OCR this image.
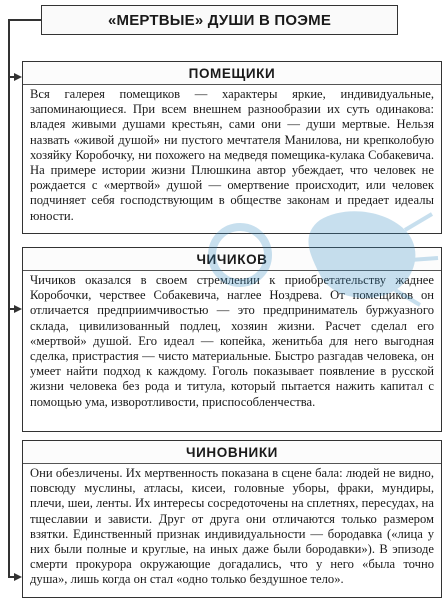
«МЕРТВЫЕ» ДУШИ В ПОЭМЕ
ПОМЕЩИКИ
Вся галерея помещиков — характеры яркие, индивидуальные, запоминающиеся. При всем внешнем разнообразии их суть одинакова: владея живыми душами крестьян, сами они — души мертвые. Нельзя назвать «живой душой» ни пустого мечтателя Манилова, ни крепколобую хозяйку Коробочку, ни похожего на медведя помещика-кулака Собакевича. На примере истории жизни Плюшкина автор убеждает, что человек не рождается с «мертвой» душой — омертвение происходит, или человек подчиняет себя господствующим в обществе законам и предает идеалы юности.
ЧИЧИКОВ
Чичиков оказался в своем стремлении к приобретательству жаднее Коробочки, черствее Собакевича, наглее Ноздрева. От помещиков он отличается предприимчивостью — это предприниматель буржуазного склада, цивилизованный подлец, хозяин жизни. Расчет сделал его «мертвой» душой. Его идеал — копейка, женитьба для него выгодная сделка, пристрастия — чисто материальные. Быстро разгадав человека, он умеет найти подход к каждому. Гоголь показывает появление в русской жизни человека без рода и титула, который пытается нажить капитал с помощью ума, изворотливости, приспособленчества.
ЧИНОВНИКИ
Они обезличены. Их мертвенность показана в сцене бала: людей не видно, повсюду муслины, атласы, кисеи, головные уборы, фраки, мундиры, плечи, шеи, ленты. Их интересы сосредоточены на сплетнях, пересудах, на тщеславии и зависти. Друг от друга они отличаются только размером взятки. Единственный признак индивидуальности — бородавка («лица у них были полные и круглые, на иных даже были бородавки»). В эпизоде смерти прокурора окружающие догадались, что у него «была точно душа», лишь когда он стал «одно только бездушное тело».
